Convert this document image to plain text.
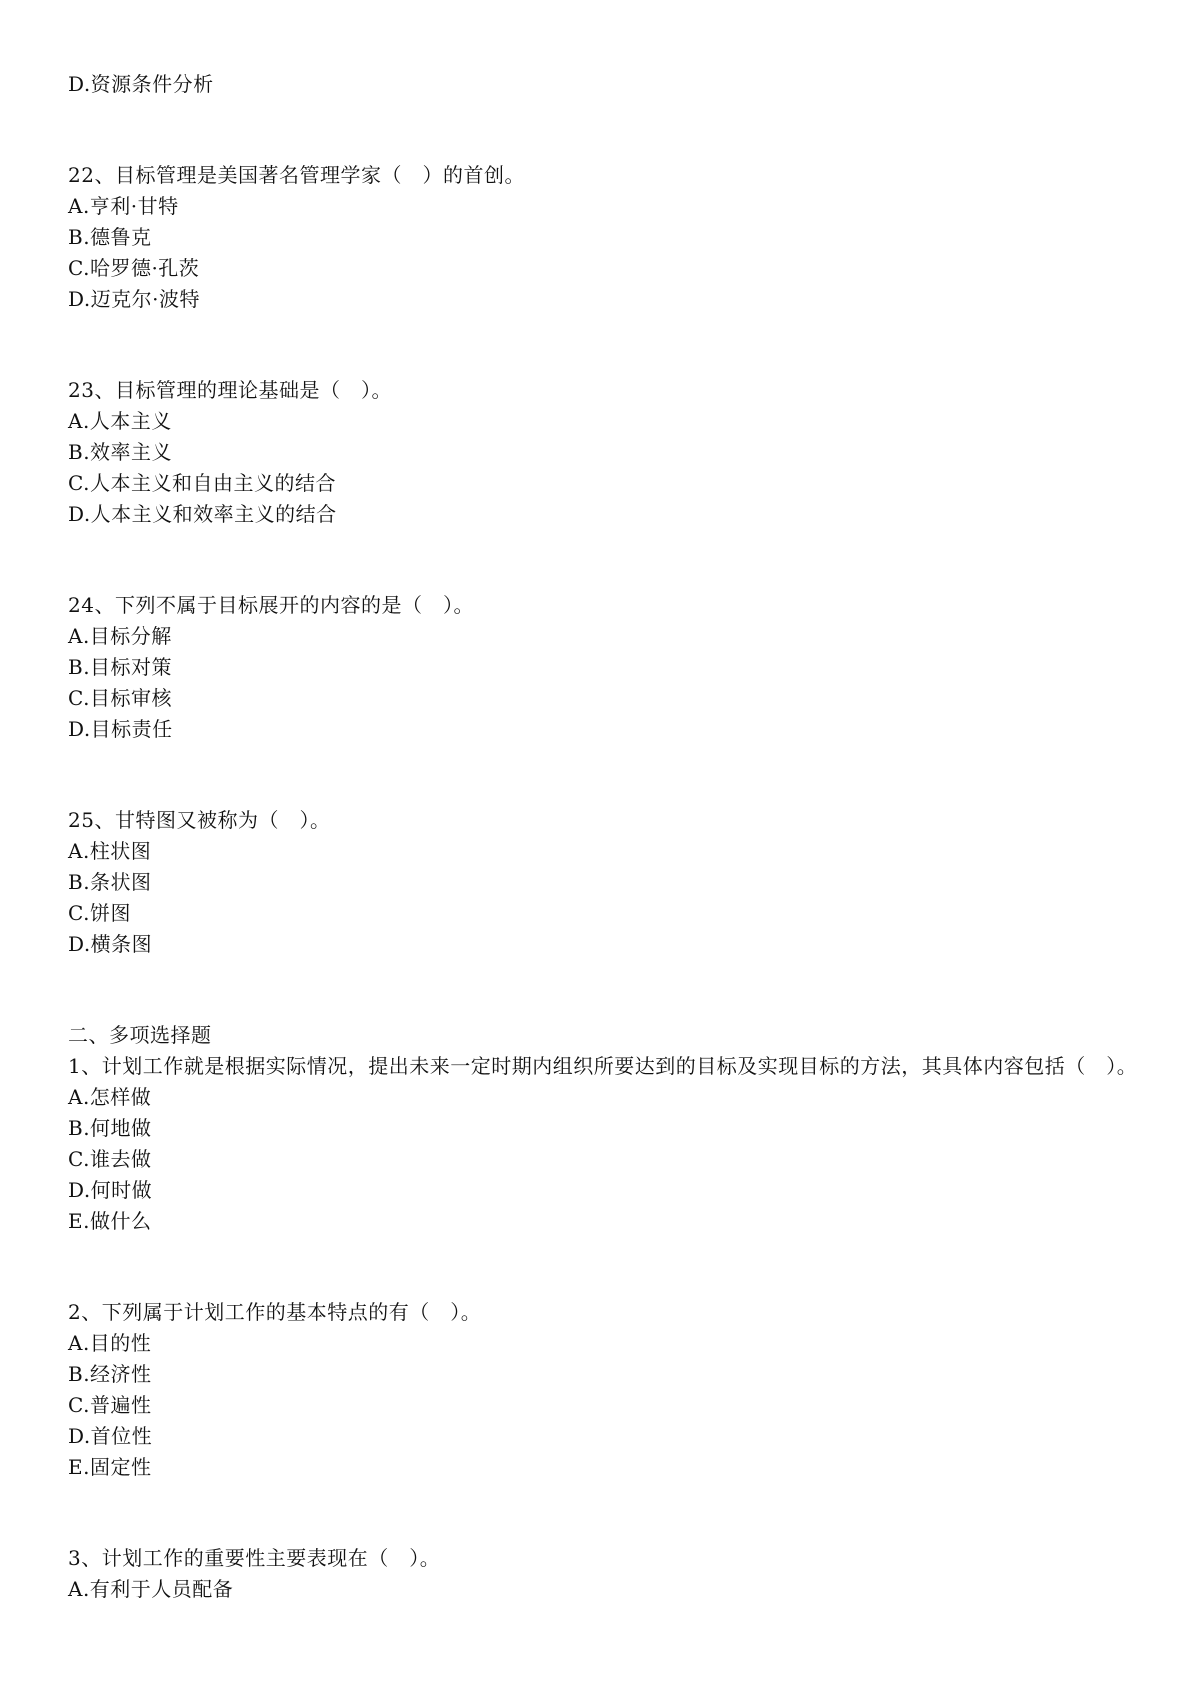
D.资源条件分析
22、目标管理是美国著名管理学家（　）的首创。
A.亨利·甘特
B.德鲁克
C.哈罗德·孔茨
D.迈克尔·波特
23、目标管理的理论基础是（　）。
A.人本主义
B.效率主义
C.人本主义和自由主义的结合
D.人本主义和效率主义的结合
24、下列不属于目标展开的内容的是（　）。
A.目标分解
B.目标对策
C.目标审核
D.目标责任
25、甘特图又被称为（　）。
A.柱状图
B.条状图
C.饼图
D.横条图
二、多项选择题
1、计划工作就是根据实际情况，提出未来一定时期内组织所要达到的目标及实现目标的方法，其具体内容包括（　）。
A.怎样做
B.何地做
C.谁去做
D.何时做
E.做什么
2、下列属于计划工作的基本特点的有（　）。
A.目的性
B.经济性
C.普遍性
D.首位性
E.固定性
3、计划工作的重要性主要表现在（　）。
A.有利于人员配备
